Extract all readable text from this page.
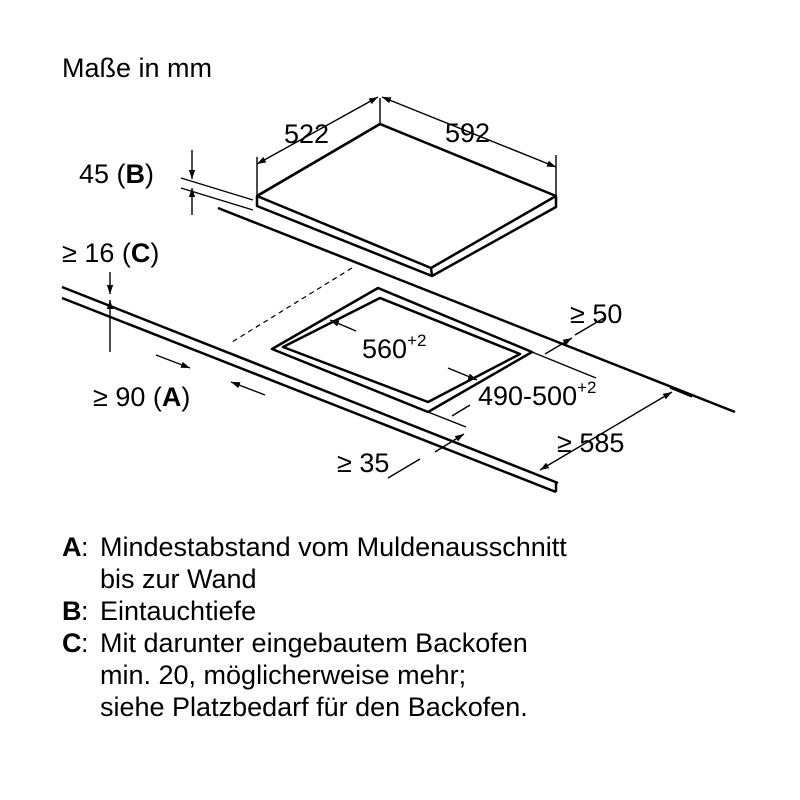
Maße in mm
522	592
45 (B)
≥ 16 (C)
≥ 50
$560^{+2}$
$490-500^{+2}$
≥ 90 (A)
≥ 35
≥ 585
A : Mindestabstand vom Muldenausschnitt
bis zur Wand
B : Eintauchtiefe
C : Mit darunter eingebautem Backofen
min. 20, möglicherweise mehr;
siehe Platzbedarf für den Backofen.
